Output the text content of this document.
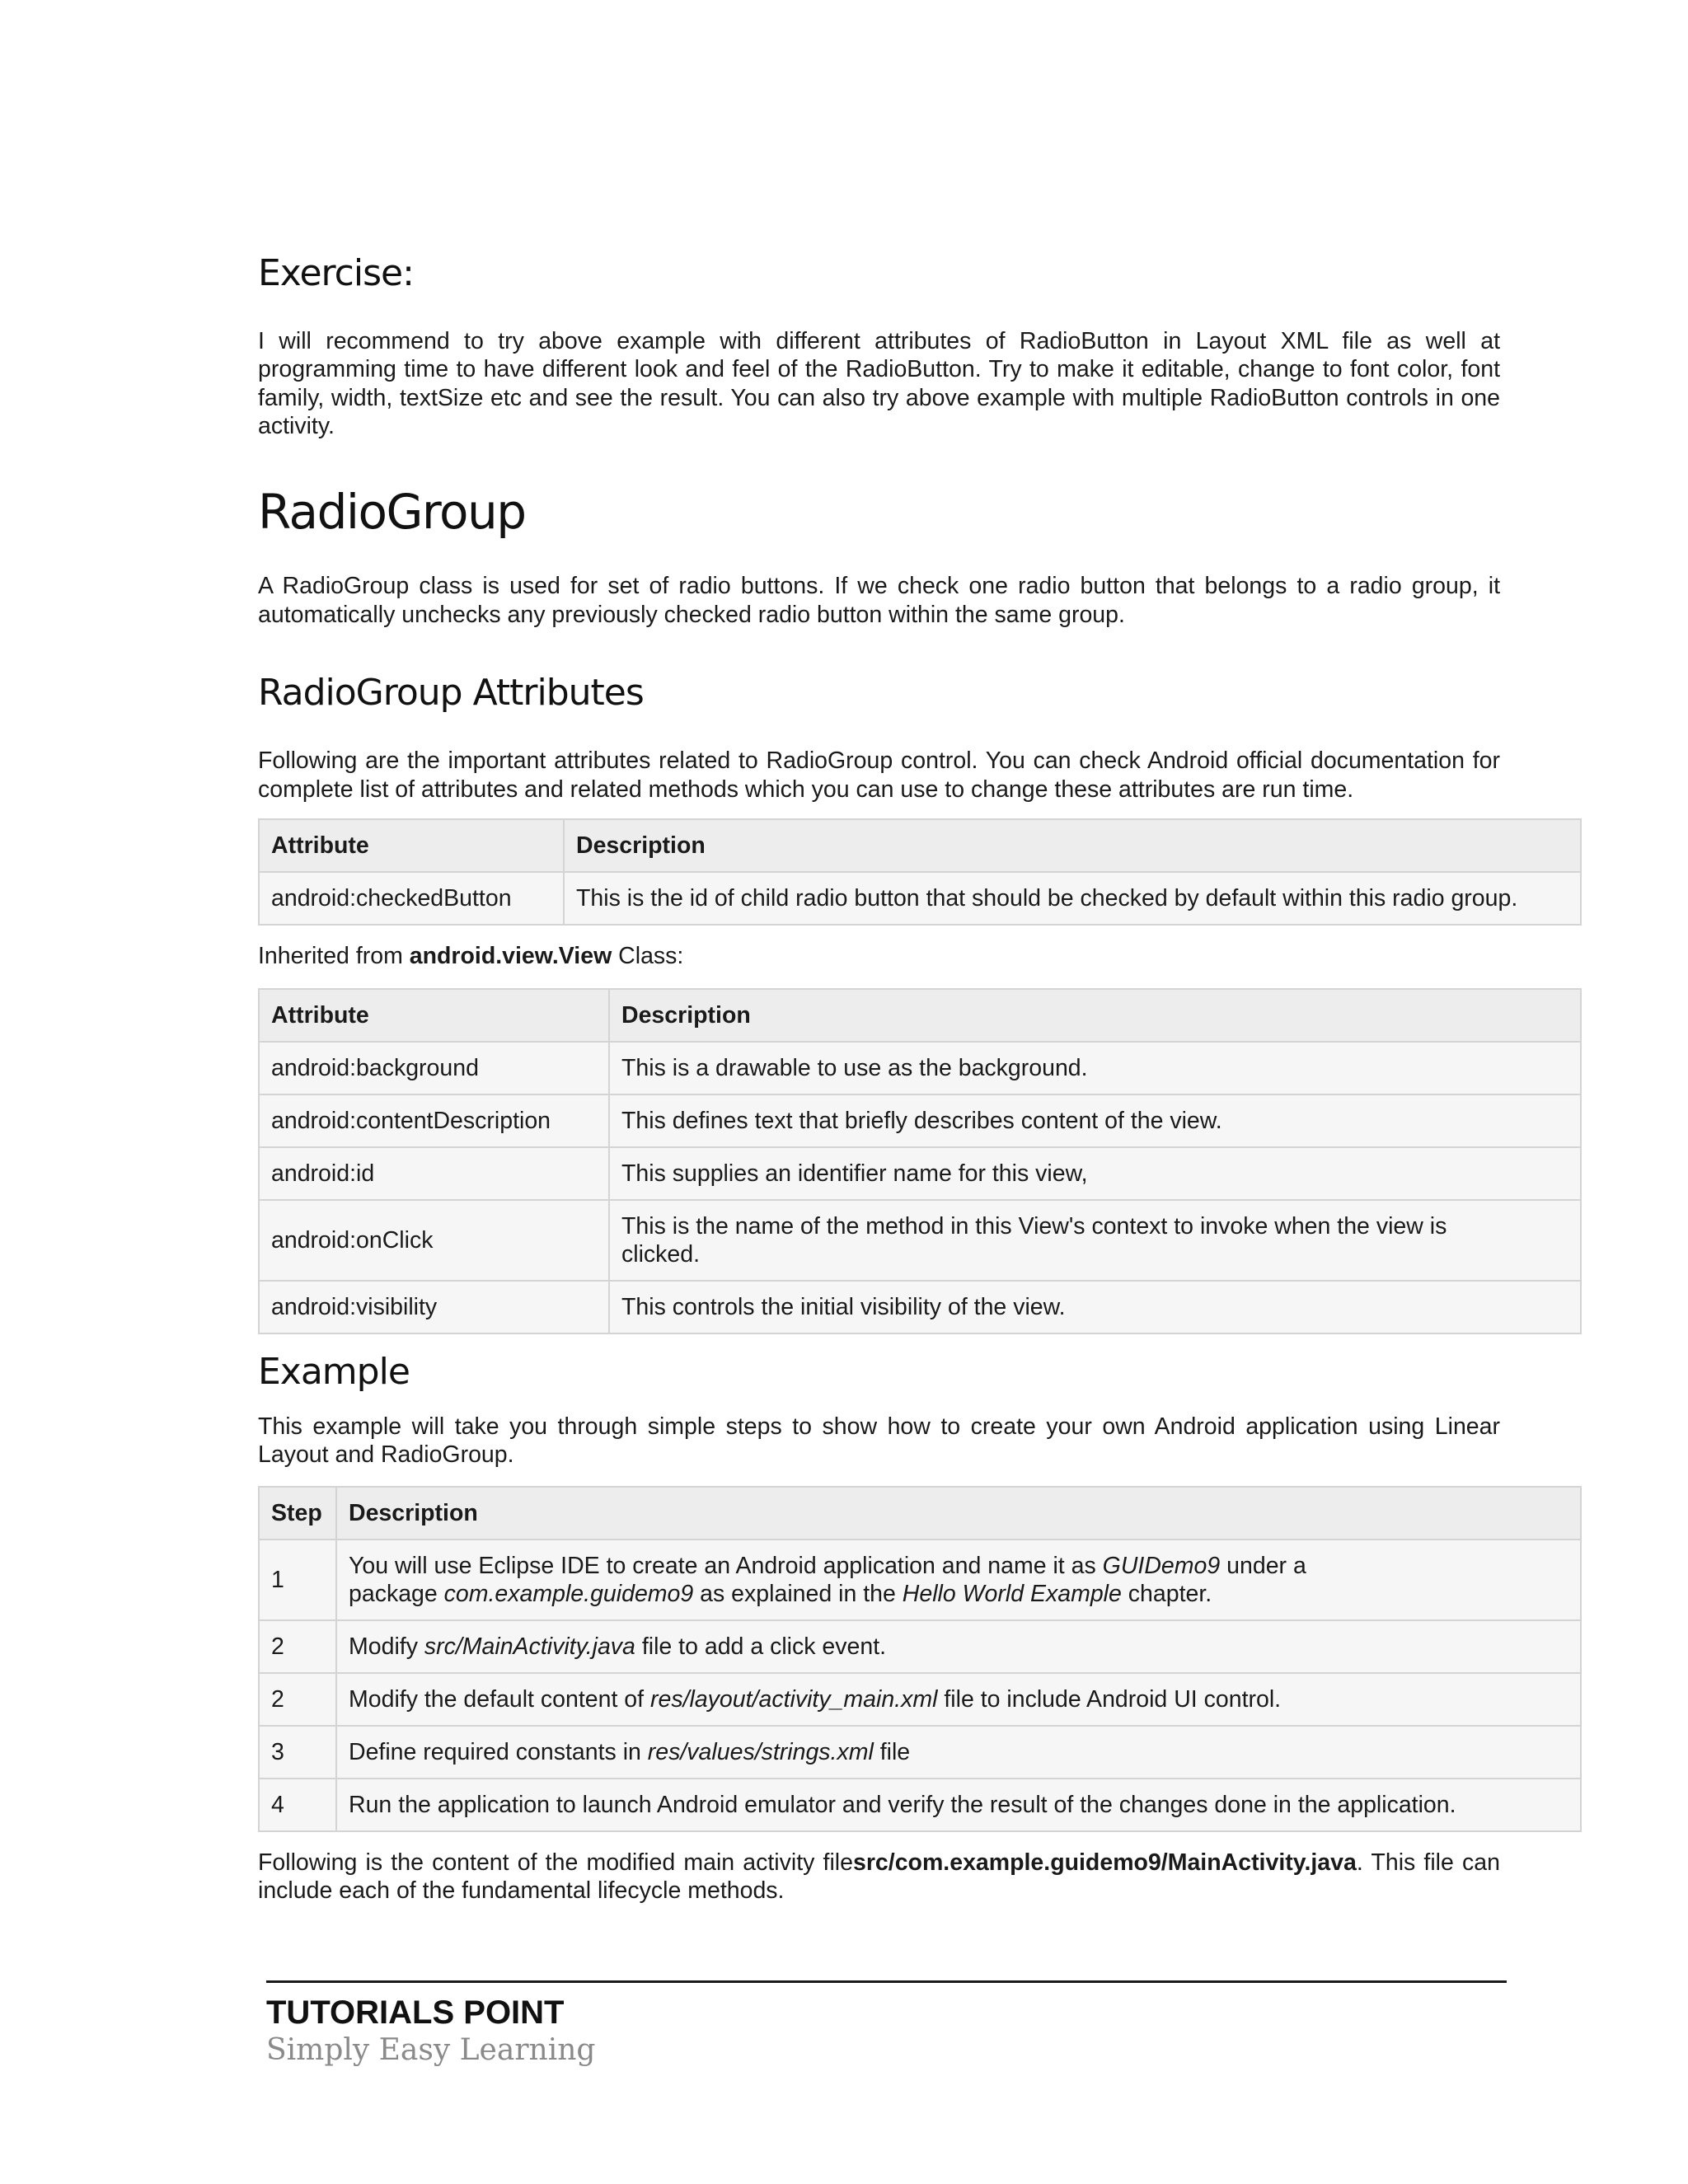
Exercise:

I will recommend to try above example with different attributes of RadioButton in Layout XML file as well at programming time to have different look and feel of the RadioButton. Try to make it editable, change to font color, font family, width, textSize etc and see the result. You can also try above example with multiple RadioButton controls in one activity.

RadioGroup

A RadioGroup class is used for set of radio buttons. If we check one radio button that belongs to a radio group, it automatically unchecks any previously checked radio button within the same group.

RadioGroup Attributes

Following are the important attributes related to RadioGroup control. You can check Android official documentation for complete list of attributes and related methods which you can use to change these attributes are run time.

Attribute	Description
android:checkedButton	This is the id of child radio button that should be checked by default within this radio group.

Inherited from android.view.View Class:

Attribute	Description
android:background	This is a drawable to use as the background.
android:contentDescription	This defines text that briefly describes content of the view.
android:id	This supplies an identifier name for this view,
android:onClick	This is the name of the method in this View's context to invoke when the view is clicked.
android:visibility	This controls the initial visibility of the view.
Example

This example will take you through simple steps to show how to create your own Android application using Linear Layout and RadioGroup.

Step	Description
1	You will use Eclipse IDE to create an Android application and name it as GUIDemo9 under a package com.example.guidemo9 as explained in the Hello World Example chapter.
2	Modify src/MainActivity.java file to add a click event.
2	Modify the default content of res/layout/activity_main.xml file to include Android UI control.
3	Define required constants in res/values/strings.xml file
4	Run the application to launch Android emulator and verify the result of the changes done in the application.

Following is the content of the modified main activity filesrc/com.example.guidemo9/MainActivity.java. This file can include each of the fundamental lifecycle methods.

TUTORIALS POINT
Simply Easy Learning
